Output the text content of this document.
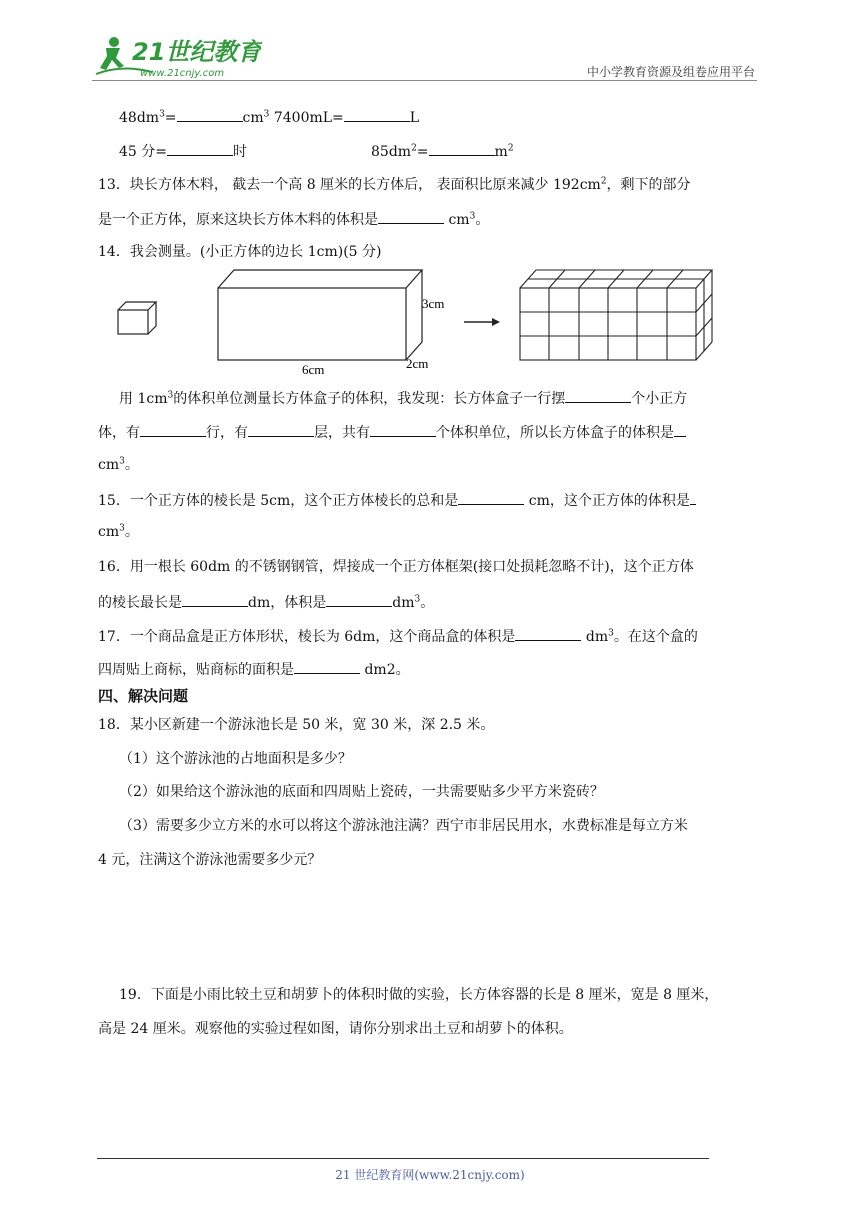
21世纪教育
www.21cnjy.com	中小学教育资源及组卷应用平台
$48dm^3=$	$cm^3$ 7400mL=	L
45 分=	时	$85dm^2=$	$m^2$
13．块长方体木料， 截去一个高 8 厘米的长方体后， 表面积比原来减少 $192cm^2$，剩下的部分
是一个正方体，原来这块长方体木料的体积是	$cm^3$。
14．我会测量。(小正方体的边长 1cm)(5 分)
3cm
6cm	2cm
用 $1cm^3$的体积单位测量长方体盒子的体积，我发现：长方体盒子一行摆	个小正方
体，有	行，有	层，共有	个体积单位，所以长方体盒子的体积是
$cm^3$。
15．一个正方体的棱长是 5cm，这个正方体棱长的总和是	cm，这个正方体的体积是
$cm^3$。
16．用一根长 60dm 的不锈钢钢管，焊接成一个正方体框架(接口处损耗忽略不计)，这个正方体
的棱长最长是	dm，体积是	$dm^3$。
17．一个商品盒是正方体形状，棱长为 6dm，这个商品盒的体积是	$dm^3$。在这个盒的
四周贴上商标，贴商标的面积是	dm2。
四、解决问题
18．某小区新建一个游泳池长是 50 米，宽 30 米，深 2.5 米。
（1）这个游泳池的占地面积是多少？
（2）如果给这个游泳池的底面和四周贴上瓷砖，一共需要贴多少平方米瓷砖？
（3）需要多少立方米的水可以将这个游泳池注满？西宁市非居民用水，水费标准是每立方米
4 元，注满这个游泳池需要多少元？
19．下面是小雨比较土豆和胡萝卜的体积时做的实验，长方体容器的长是 8 厘米，宽是 8 厘米，
高是 24 厘米。观察他的实验过程如图，请你分别求出土豆和胡萝卜的体积。
21 世纪教育网(www.21cnjy.com)
